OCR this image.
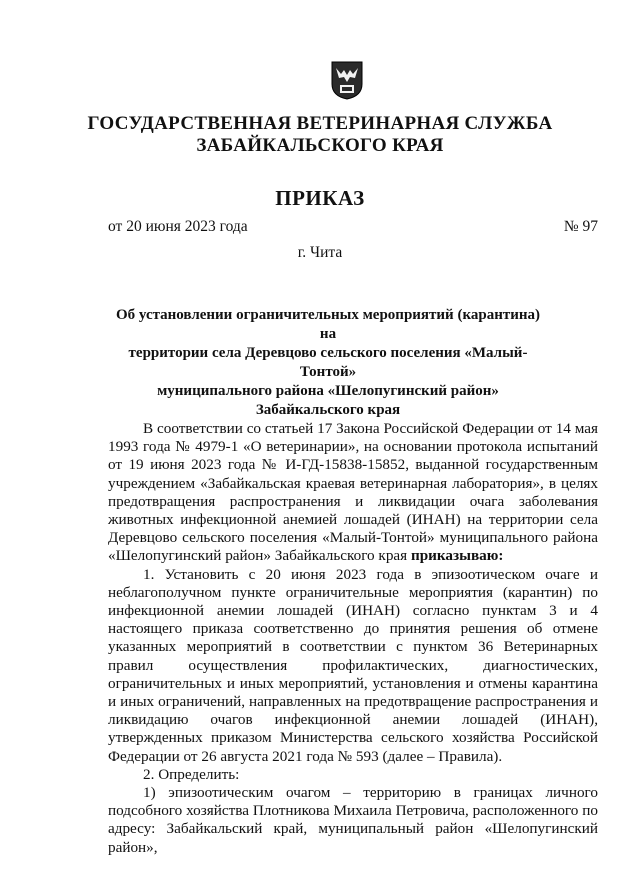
ГОСУДАРСТВЕННАЯ ВЕТЕРИНАРНАЯ СЛУЖБА
ЗАБАЙКАЛЬСКОГО КРАЯ
ПРИКАЗ
от 20 июня 2023 года	№ 97
г. Чита
Об установлении ограничительных мероприятий (карантина) на
территории села Деревцово сельского поселения «Малый-Тонтой»
муниципального района «Шелопугинский район»
Забайкальского края

В соответствии со статьей 17 Закона Российской Федерации от 14 мая 1993 года № 4979-1 «О ветеринарии», на основании протокола испытаний от 19 июня 2023 года № И-ГД-15838-15852, выданной государственным учреждением «Забайкальская краевая ветеринарная лаборатория», в целях предотвращения распространения и ликвидации очага заболевания животных инфекционной анемией лошадей (ИНАН) на территории села Деревцово сельского поселения «Малый-Тонтой» муниципального района «Шелопугинский район» Забайкальского края приказываю:

1. Установить с 20 июня 2023 года в эпизоотическом очаге и неблагополучном пункте ограничительные мероприятия (карантин) по инфекционной анемии лошадей (ИНАН) согласно пунктам 3 и 4 настоящего приказа соответственно до принятия решения об отмене указанных мероприятий в соответствии с пунктом 36 Ветеринарных правил осуществления профилактических, диагностических, ограничительных и иных мероприятий, установления и отмены карантина и иных ограничений, направленных на предотвращение распространения и ликвидацию очагов инфекционной анемии лошадей (ИНАН), утвержденных приказом Министерства сельского хозяйства Российской Федерации от 26 августа 2021 года № 593 (далее – Правила).

2. Определить:

1) эпизоотическим очагом – территорию в границах личного подсобного хозяйства Плотникова Михаила Петровича, расположенного по адресу: Забайкальский край, муниципальный район «Шелопугинский район»,
